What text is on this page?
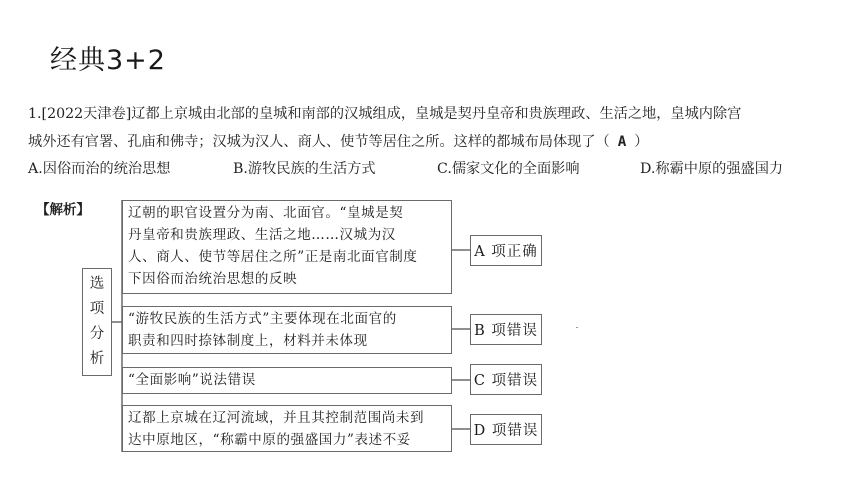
经典3+2
1.[2022天津卷]辽都上京城由北部的皇城和南部的汉城组成，皇城是契丹皇帝和贵族理政、生活之地，皇城内除宫
城外还有官署、孔庙和佛寺；汉城为汉人、商人、使节等居住之所。这样的都城布局体现了（ A ）
A.因俗而治的统治思想	B.游牧民族的生活方式	C.儒家文化的全面影响	D.称霸中原的强盛国力
【解析】
选
项
分
析
辽朝的职官设置分为南、北面官。“皇城是契
丹皇帝和贵族理政、生活之地……汉城为汉
人、商人、使节等居住之所”正是南北面官制度
下因俗而治统治思想的反映
A 项正确
“游牧民族的生活方式”主要体现在北面官的
职责和四时捺钵制度上，材料并未体现
B 项错误
“全面影响”说法错误	C 项错误
辽都上京城在辽河流域，并且其控制范围尚未到
达中原地区，“称霸中原的强盛国力”表述不妥
D 项错误
